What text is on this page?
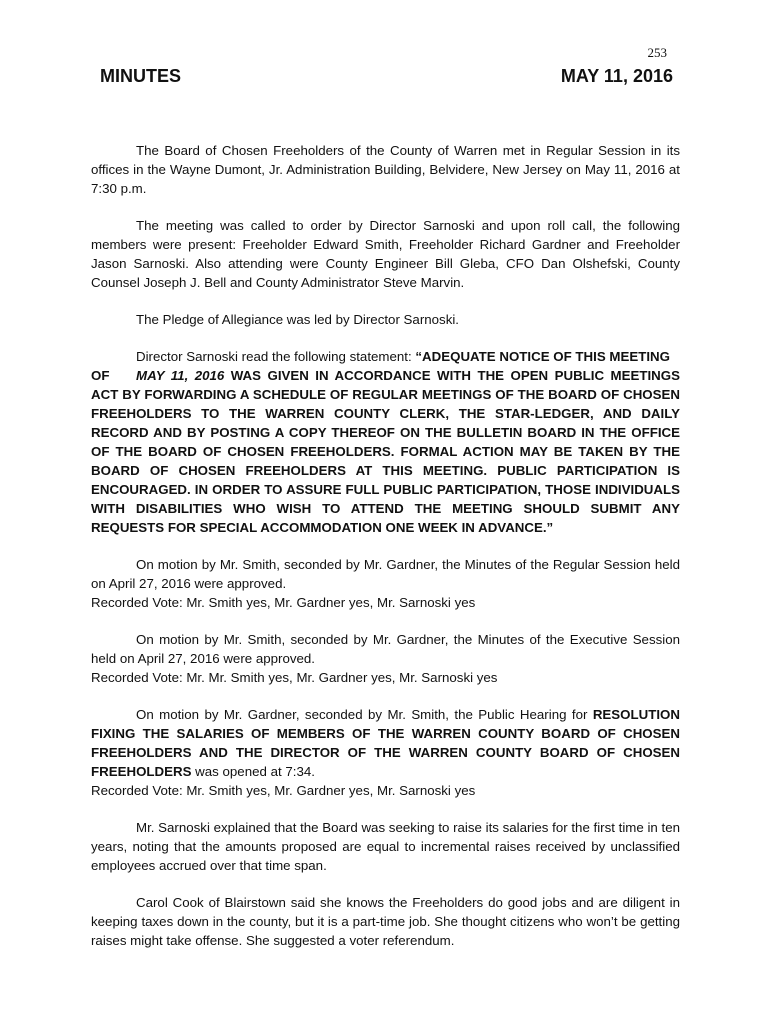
253
MINUTES	MAY 11, 2016

The Board of Chosen Freeholders of the County of Warren met in Regular Session in its offices in the Wayne Dumont, Jr. Administration Building, Belvidere, New Jersey on May 11, 2016 at 7:30 p.m.

The meeting was called to order by Director Sarnoski and upon roll call, the following members were present: Freeholder Edward Smith, Freeholder Richard Gardner and Freeholder Jason Sarnoski. Also attending were County Engineer Bill Gleba, CFO Dan Olshefski, County Counsel Joseph J. Bell and County Administrator Steve Marvin.

The Pledge of Allegiance was led by Director Sarnoski.

Director Sarnoski read the following statement: “ADEQUATE NOTICE OF THIS MEETING
OF MAY 11, 2016 WAS GIVEN IN ACCORDANCE WITH THE OPEN PUBLIC MEETINGS ACT BY FORWARDING A SCHEDULE OF REGULAR MEETINGS OF THE BOARD OF CHOSEN FREEHOLDERS TO THE WARREN COUNTY CLERK, THE STAR-LEDGER, AND DAILY RECORD AND BY POSTING A COPY THEREOF ON THE BULLETIN BOARD IN THE OFFICE OF THE BOARD OF CHOSEN FREEHOLDERS. FORMAL ACTION MAY BE TAKEN BY THE BOARD OF CHOSEN FREEHOLDERS AT THIS MEETING. PUBLIC PARTICIPATION IS ENCOURAGED. IN ORDER TO ASSURE FULL PUBLIC PARTICIPATION, THOSE INDIVIDUALS WITH DISABILITIES WHO WISH TO ATTEND THE MEETING SHOULD SUBMIT ANY REQUESTS FOR SPECIAL ACCOMMODATION ONE WEEK IN ADVANCE.”
On motion by Mr. Smith, seconded by Mr. Gardner, the Minutes of the Regular Session held on April 27, 2016 were approved.
Recorded Vote: Mr. Smith yes, Mr. Gardner yes, Mr. Sarnoski yes
On motion by Mr. Smith, seconded by Mr. Gardner, the Minutes of the Executive Session held on April 27, 2016 were approved.
Recorded Vote: Mr. Mr. Smith yes, Mr. Gardner yes, Mr. Sarnoski yes
On motion by Mr. Gardner, seconded by Mr. Smith, the Public Hearing for RESOLUTION FIXING THE SALARIES OF MEMBERS OF THE WARREN COUNTY BOARD OF CHOSEN FREEHOLDERS AND THE DIRECTOR OF THE WARREN COUNTY BOARD OF CHOSEN FREEHOLDERS was opened at 7:34.
Recorded Vote: Mr. Smith yes, Mr. Gardner yes, Mr. Sarnoski yes

Mr. Sarnoski explained that the Board was seeking to raise its salaries for the first time in ten years, noting that the amounts proposed are equal to incremental raises received by unclassified employees accrued over that time span.

Carol Cook of Blairstown said she knows the Freeholders do good jobs and are diligent in keeping taxes down in the county, but it is a part-time job. She thought citizens who won’t be getting raises might take offense. She suggested a voter referendum.
